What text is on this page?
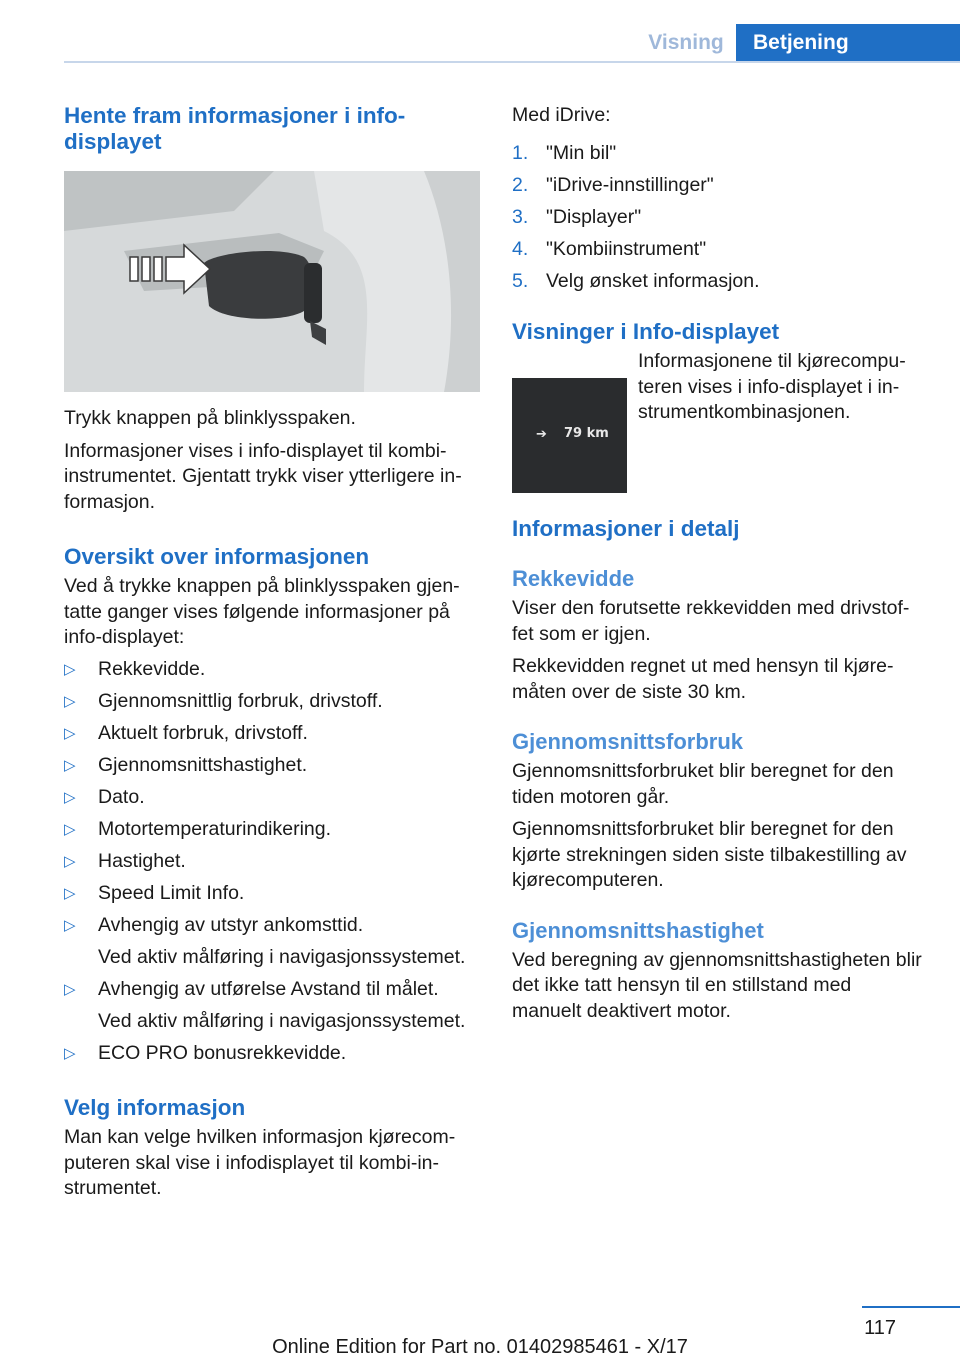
Visning	Betjening
Hente fram informasjoner i info-displayet

Trykk knappen på blinklysspaken.

Informasjoner vises i info-displayet til kombi-instrumentet. Gjentatt trykk viser ytterligere in-formasjon.

Oversikt over informasjonen

Ved å trykke knappen på blinklysspaken gjen-tatte ganger vises følgende informasjoner på info-displayet:

▷ Rekkevidde.
▷ Gjennomsnittlig forbruk, drivstoff.
▷ Aktuelt forbruk, drivstoff.
▷ Gjennomsnittshastighet.
▷ Dato.
▷ Motortemperaturindikering.
▷ Hastighet.
▷ Speed Limit Info.
▷ Avhengig av utstyr ankomsttid.
Ved aktiv målføring i navigasjonssystemet.
▷ Avhengig av utførelse Avstand til målet.
Ved aktiv målføring i navigasjonssystemet.
▷ ECO PRO bonusrekkevidde.
Velg informasjon

Man kan velge hvilken informasjon kjørecom-puteren skal vise i infodisplayet til kombi-in-strumentet.

Med iDrive:

1. "Min bil"
2. "iDrive-innstillinger"
3. "Displayer"
4. "Kombiinstrument"
5. Velg ønsket informasjon.
Visninger i Info-displayet
➔ 79 km
Informasjonene til kjørecompu-teren vises i info-displayet i in-strumentkombinasjonen.
Informasjoner i detalj
Rekkevidde

Viser den forutsette rekkevidden med drivstof-fet som er igjen.

Rekkevidden regnet ut med hensyn til kjøre-måten over de siste 30 km.

Gjennomsnittsforbruk

Gjennomsnittsforbruket blir beregnet for den tiden motoren går.

Gjennomsnittsforbruket blir beregnet for den kjørte strekningen siden siste tilbakestilling av kjørecomputeren.

Gjennomsnittshastighet

Ved beregning av gjennomsnittshastigheten blir det ikke tatt hensyn til en stillstand med manuelt deaktivert motor.

117
Online Edition for Part no. 01402985461 - X/17
